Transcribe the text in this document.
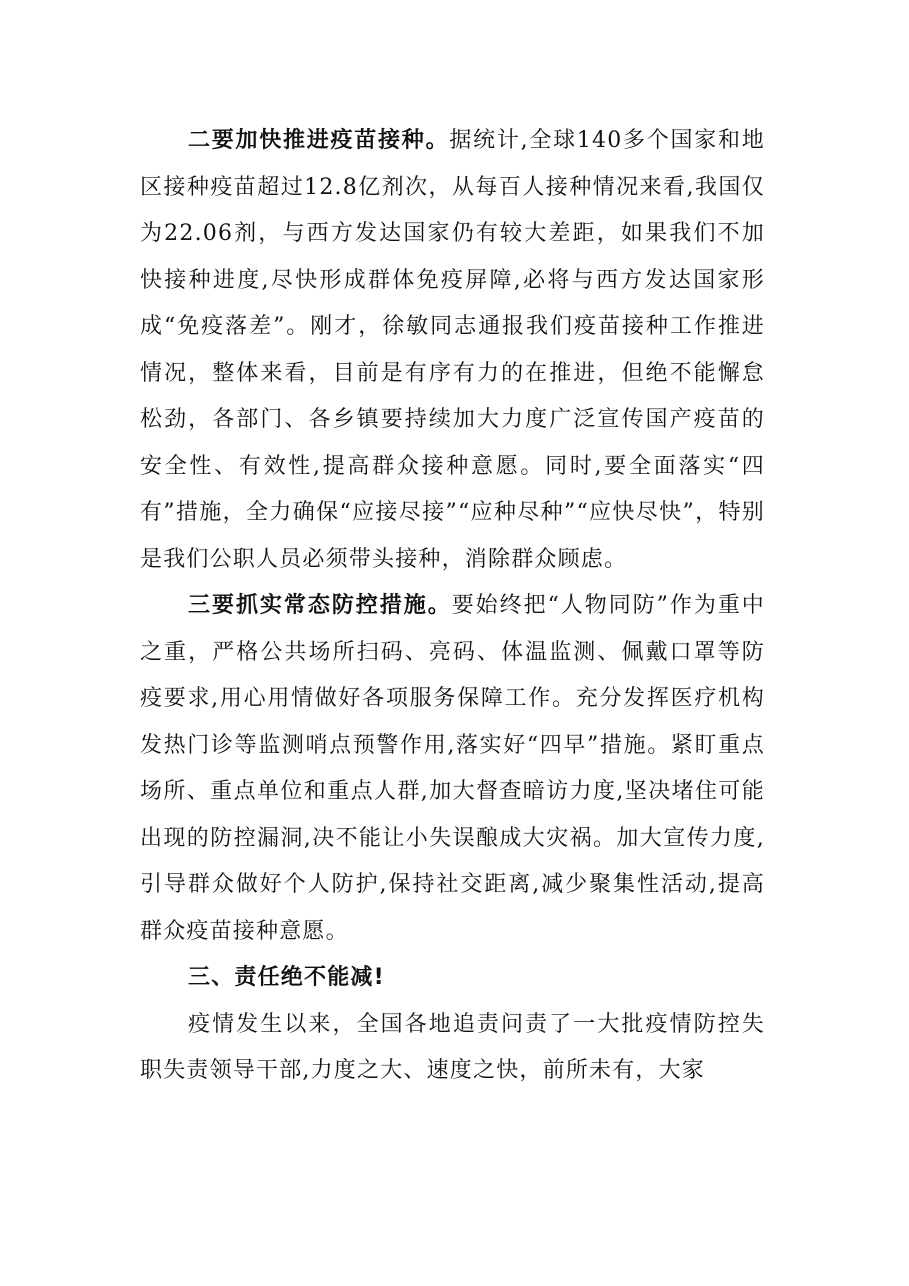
二要加快推进疫苗接种。据统计,全球140多个国家和地区接种疫苗超过12.8亿剂次，从每百人接种情况来看,我国仅为22.06剂，与西方发达国家仍有较大差距，如果我们不加快接种进度,尽快形成群体免疫屏障,必将与西方发达国家形成“免疫落差”。刚才，徐敏同志通报我们疫苗接种工作推进情况，整体来看，目前是有序有力的在推进，但绝不能懈怠松劲，各部门、各乡镇要持续加大力度广泛宣传国产疫苗的安全性、有效性,提高群众接种意愿。同时,要全面落实“四有”措施，全力确保“应接尽接”“应种尽种”“应快尽快”，特别是我们公职人员必须带头接种，消除群众顾虑。

三要抓实常态防控措施。要始终把“人物同防”作为重中之重，严格公共场所扫码、亮码、体温监测、佩戴口罩等防疫要求,用心用情做好各项服务保障工作。充分发挥医疗机构发热门诊等监测哨点预警作用,落实好“四早”措施。紧盯重点场所、重点单位和重点人群,加大督查暗访力度,坚决堵住可能出现的防控漏洞,决不能让小失误酿成大灾祸。加大宣传力度,引导群众做好个人防护,保持社交距离,减少聚集性活动,提高群众疫苗接种意愿。

三、责任绝不能减!

疫情发生以来，全国各地追责问责了一大批疫情防控失职失责领导干部,力度之大、速度之快，前所未有，大家
